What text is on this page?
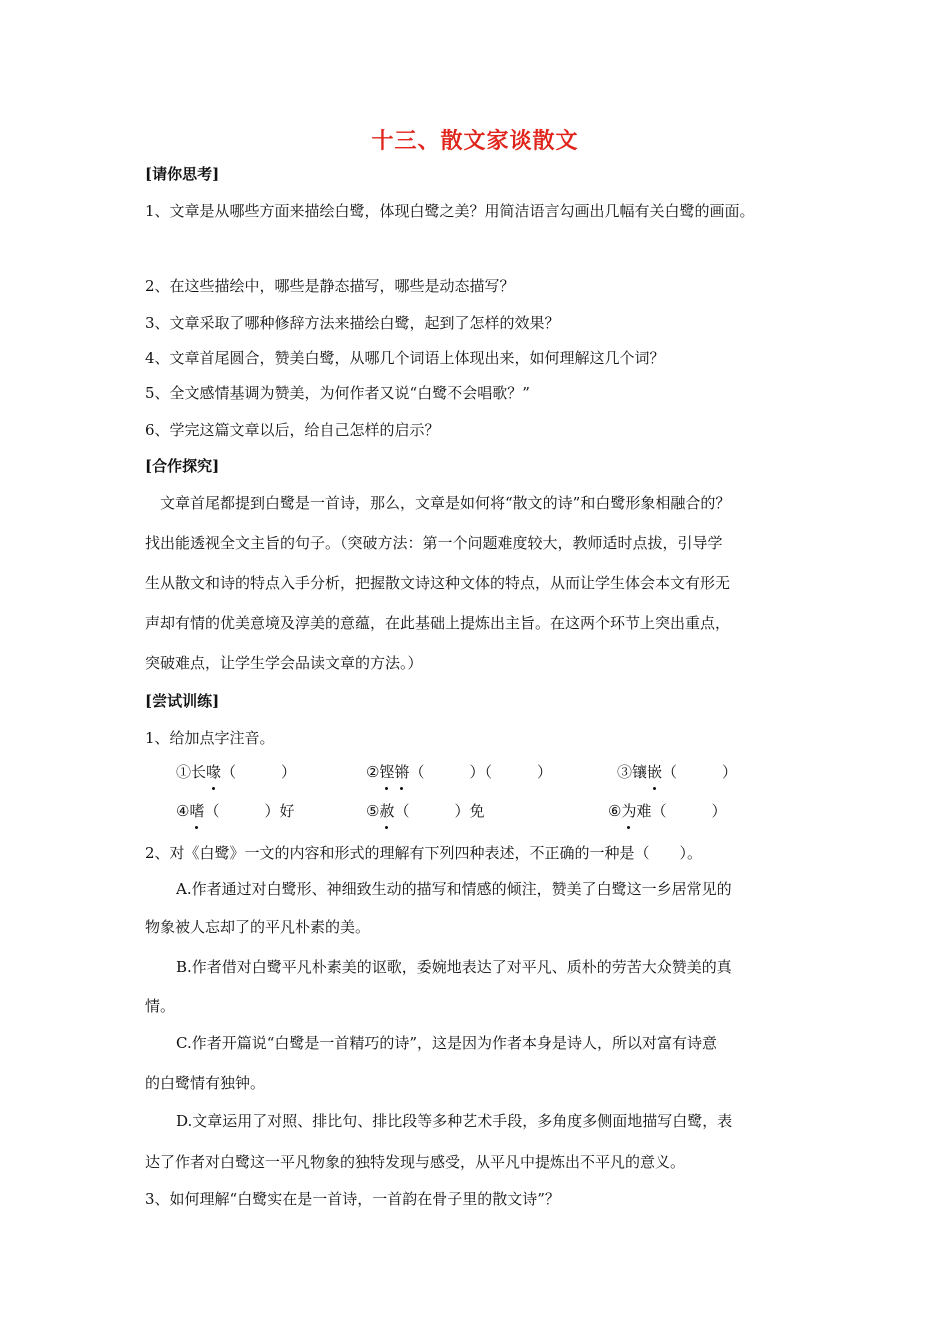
十三、散文家谈散文
[请你思考]
1、文章是从哪些方面来描绘白鹭，体现白鹭之美？用简洁语言勾画出几幅有关白鹭的画面。
2、在这些描绘中，哪些是静态描写，哪些是动态描写？
3、文章采取了哪种修辞方法来描绘白鹭，起到了怎样的效果？
4、文章首尾圆合，赞美白鹭，从哪几个词语上体现出来，如何理解这几个词？
5、全文感情基调为赞美，为何作者又说“白鹭不会唱歌？”
6、学完这篇文章以后，给自己怎样的启示？
[合作探究]
文章首尾都提到白鹭是一首诗，那么，文章是如何将“散文的诗”和白鹭形象相融合的？
找出能透视全文主旨的句子。（突破方法：第一个问题难度较大，教师适时点拔，引导学
生从散文和诗的特点入手分析，把握散文诗这种文体的特点，从而让学生体会本文有形无
声却有情的优美意境及淳美的意蕴，在此基础上提炼出主旨。在这两个环节上突出重点，
突破难点，让学生学会品读文章的方法。）
[尝试训练]
1、给加点字注音。
①长喙（　　　）	②铿锵（　　　）（　　　）	③镶嵌（　　　）
④嗜（　　　）好	⑤赦（　　　）免	⑥为难（　　　）
2、对《白鹭》一文的内容和形式的理解有下列四种表述，不正确的一种是（　　）。
A.作者通过对白鹭形、神细致生动的描写和情感的倾注，赞美了白鹭这一乡居常见的
物象被人忘却了的平凡朴素的美。
B.作者借对白鹭平凡朴素美的讴歌，委婉地表达了对平凡、质朴的劳苦大众赞美的真
情。
C.作者开篇说“白鹭是一首精巧的诗”，这是因为作者本身是诗人，所以对富有诗意
的白鹭情有独钟。
D.文章运用了对照、排比句、排比段等多种艺术手段，多角度多侧面地描写白鹭，表
达了作者对白鹭这一平凡物象的独特发现与感受，从平凡中提炼出不平凡的意义。
3、如何理解“白鹭实在是一首诗，一首韵在骨子里的散文诗”？
